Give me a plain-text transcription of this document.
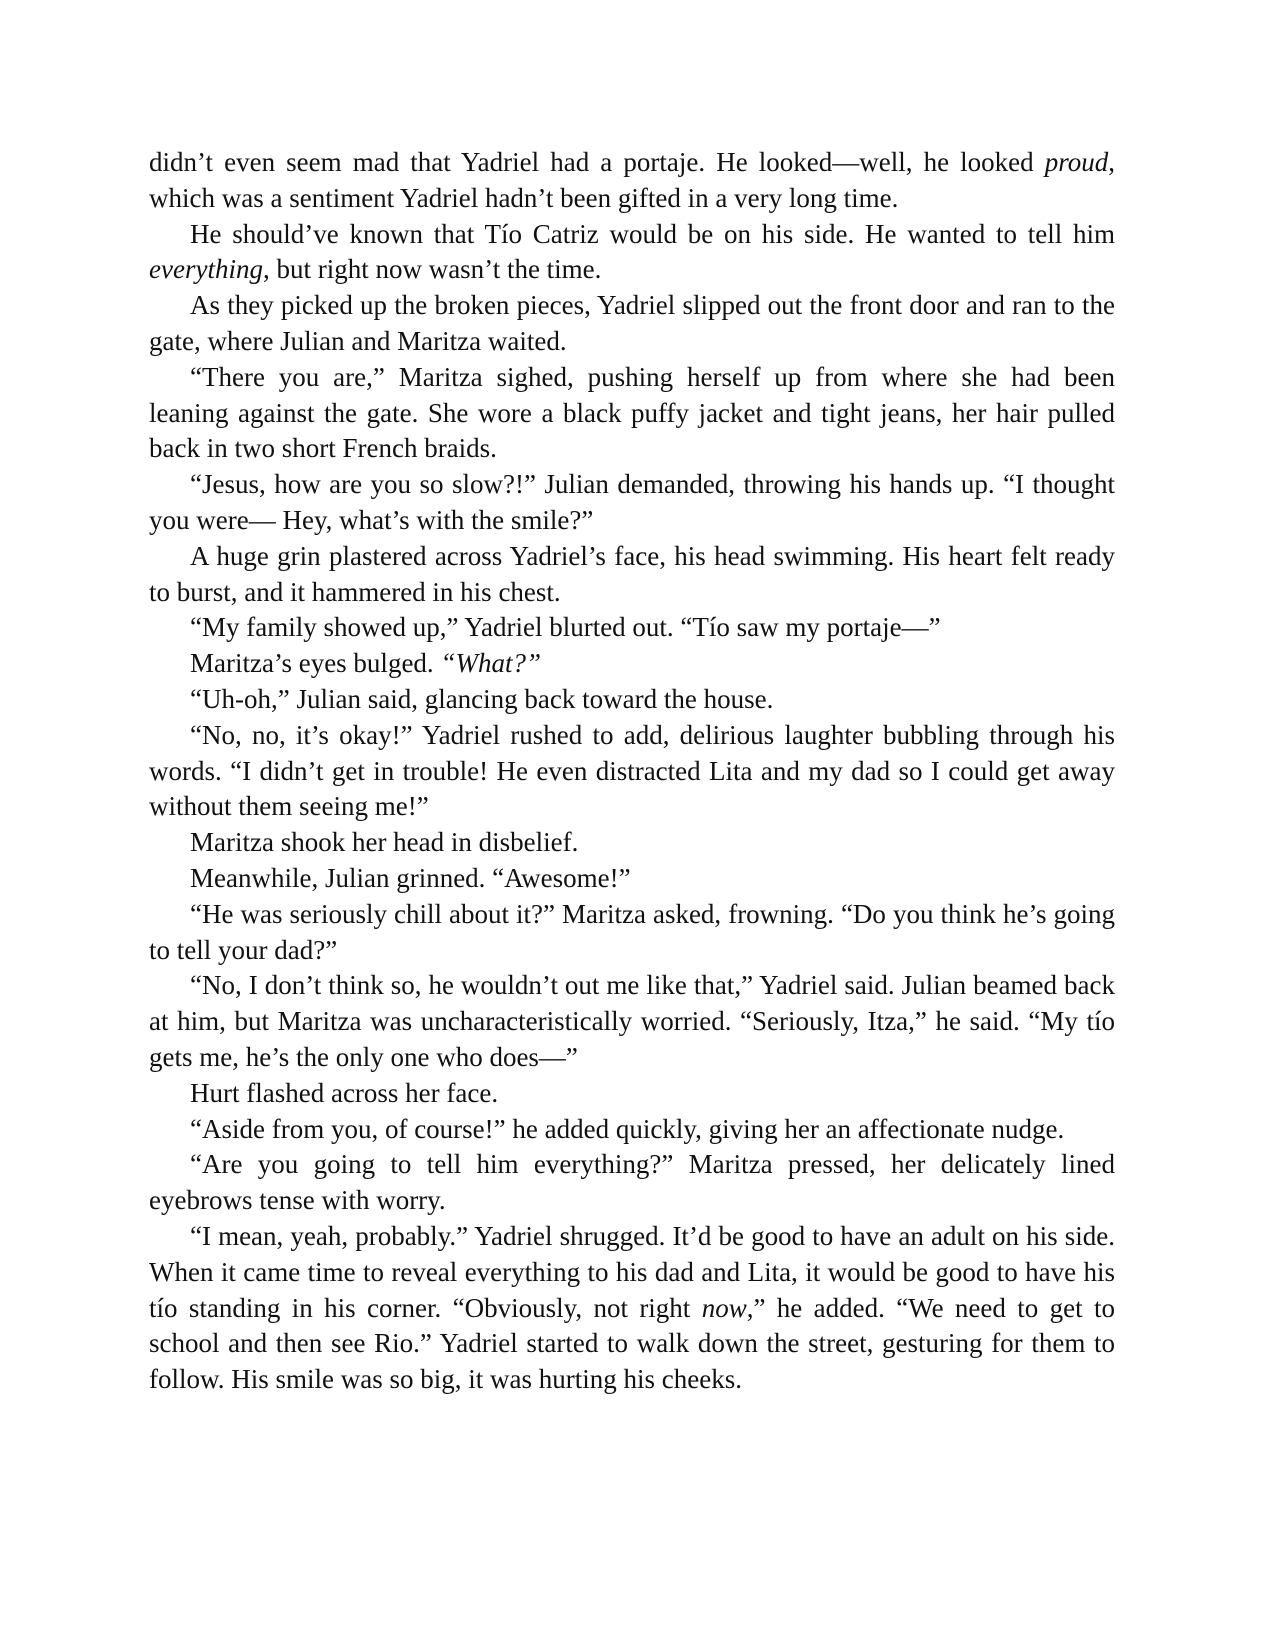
didn’t even seem mad that Yadriel had a portaje. He looked—well, he looked proud, which was a sentiment Yadriel hadn’t been gifted in a very long time.

He should’ve known that Tío Catriz would be on his side. He wanted to tell him everything, but right now wasn’t the time.

As they picked up the broken pieces, Yadriel slipped out the front door and ran to the gate, where Julian and Maritza waited.

“There you are,” Maritza sighed, pushing herself up from where she had been leaning against the gate. She wore a black puffy jacket and tight jeans, her hair pulled back in two short French braids.

“Jesus, how are you so slow?!” Julian demanded, throwing his hands up. “I thought you were— Hey, what’s with the smile?”

A huge grin plastered across Yadriel’s face, his head swimming. His heart felt ready to burst, and it hammered in his chest.

“My family showed up,” Yadriel blurted out. “Tío saw my portaje—”

Maritza’s eyes bulged. “What?”

“Uh-oh,” Julian said, glancing back toward the house.

“No, no, it’s okay!” Yadriel rushed to add, delirious laughter bubbling through his words. “I didn’t get in trouble! He even distracted Lita and my dad so I could get away without them seeing me!”

Maritza shook her head in disbelief.

Meanwhile, Julian grinned. “Awesome!”

“He was seriously chill about it?” Maritza asked, frowning. “Do you think he’s going to tell your dad?”

“No, I don’t think so, he wouldn’t out me like that,” Yadriel said. Julian beamed back at him, but Maritza was uncharacteristically worried. “Seriously, Itza,” he said. “My tío gets me, he’s the only one who does—”

Hurt flashed across her face.

“Aside from you, of course!” he added quickly, giving her an affectionate nudge.

“Are you going to tell him everything?” Maritza pressed, her delicately lined eyebrows tense with worry.

“I mean, yeah, probably.” Yadriel shrugged. It’d be good to have an adult on his side. When it came time to reveal everything to his dad and Lita, it would be good to have his tío standing in his corner. “Obviously, not right now,” he added. “We need to get to school and then see Rio.” Yadriel started to walk down the street, gesturing for them to follow. His smile was so big, it was hurting his cheeks.
